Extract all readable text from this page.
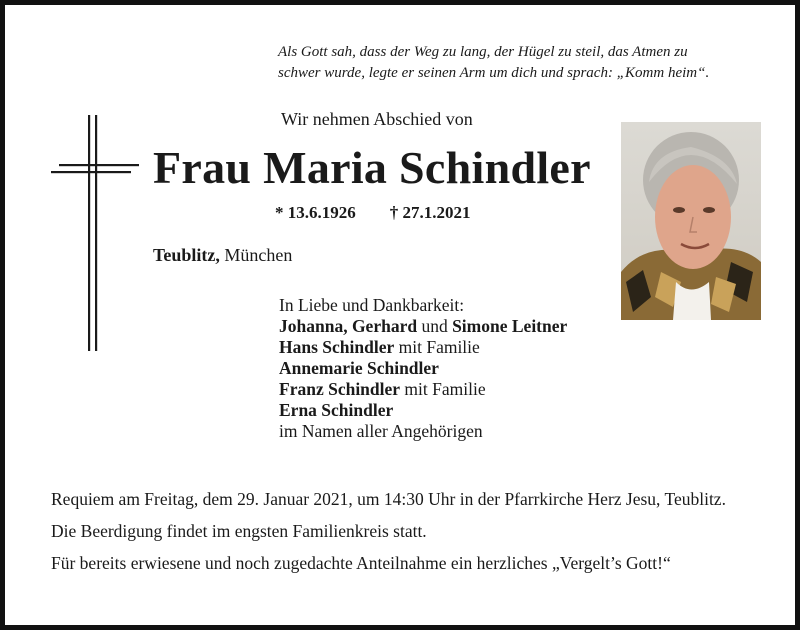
Als Gott sah, dass der Weg zu lang, der Hügel zu steil, das Atmen zu
schwer wurde, legte er seinen Arm um dich und sprach: „Komm heim“.
Wir nehmen Abschied von
Frau Maria Schindler
* 13.6.1926 † 27.1.2021
Teublitz, München
In Liebe und Dankbarkeit:
Johanna, Gerhard und Simone Leitner
Hans Schindler mit Familie
Annemarie Schindler
Franz Schindler mit Familie
Erna Schindler
im Namen aller Angehörigen

Requiem am Freitag, dem 29. Januar 2021, um 14:30 Uhr in der Pfarrkirche Herz Jesu, Teublitz.

Die Beerdigung findet im engsten Familienkreis statt.

Für bereits erwiesene und noch zugedachte Anteilnahme ein herzliches „Vergelt’s Gott!“
